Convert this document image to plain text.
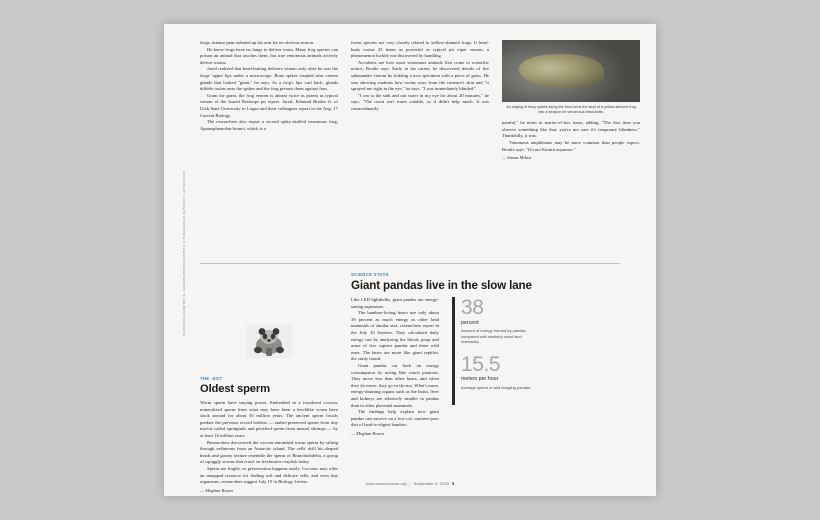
frogs, intense pain radiated up his arm for no obvious reason.

He knew frogs have no fangs to deliver toxin. Many frog species can poison an animal that touches them, but true venomous animals actively deliver toxins.

Jared realized that head-butting delivers venom only after he saw the frogs' upper lips under a microscope. Bone spikes erupted near venom glands that looked "giant," he says. As a frog's lips curl back, glands dribble toxins onto the spikes and the frog presses them against foes.

Gram for gram, the frog venom is almost twice as potent as typical venom of the feared Bothrops pit vipers. Jared, Edmund Brodie Jr. of Utah State University in Logan and their colleagues report in the Aug. 17 Current Biology.

The researchers also report a second spiky-skulled venomous frog, Aparasphenodon brunoi, which is a

forest species not very closely related to yellow-skinned frogs. It head-butts toxins 25 times as powerful as typical pit viper venom, a phenomenon luckily not discovered by handling.

Accidents are how most venomous animals first come to scientific notice, Brodie says. Early in his career, he discovered details of fire salamander venom by tickling a new specimen with a piece of grass. He was showing students how toxins ooze from the creature's skin and "it sprayed me right in the eye," he says. "I was immediately blinded."

"I ran to the sink and ran water in my eye for about 20 minutes," he says. "The toxin isn't water soluble, so it didn't help much. It was extraordinarily	An edging of bony spikes along the front turns the skull of a yellow-skinned frog into a weapon for venomous head-butts.

painful," he notes in matter-of-fact tones, adding, "The first time you observe something like that, you're not sure it's temporary blindness." Thankfully, it was.

Venomous amphibians may be more common than people expect, Brodie says. "It's not Kermit anymore."

— Susan Milius

CLOCKWISE FROM TOP: C. JARED/BUTANTAN INSTITUTE; S. BOMFLEUR ET AL/BIOLOGY LETTERS 2015
THE -EST
Oldest sperm

Worm sperm have staying power. Embedded in a fossilized cocoon, mineralized sperm from what may have been a leechlike worm have stuck around for about 50 million years. The ancient sperm fossils predate the previous record holders — amber-preserved sperm from tiny insects called springtails and petrified sperm from mussel shrimps — by at least 10 million years.

Researchers discovered the cocoon-entombed worm sperm by sifting through sediments from an Antarctic island. The cells' drill bit–shaped heads and grainy texture resemble the sperm of Branchiobdella, a group of squiggly worms that crawl on freshwater crayfish today.

Sperm are fragile, so preservation happens rarely. Cocoons may offer an untapped resource for finding soft and delicate cells, and even tiny organisms, researchers suggest July 15 in Biology Letters.

— Meghan Rosen

SCIENCE STATS
Giant pandas live in the slow lane

Like LED lightbulbs, giant pandas are energy-saving superstars.

The bamboo-loving bears use only about 38 percent as much energy as other land mammals of similar size, researchers report in the July 10 Science. They calculated daily energy use by analyzing the blood, poop and urine of five captive pandas and three wild ones. The bears are more like giant reptiles, the study found.

Giant pandas cut back on energy consumption by acting like couch potatoes. They move less than other bears, and when they do move, they go in slo-mo. What's more, energy-draining organs such as the brain, liver and kidneys are relatively smaller in pandas than in other placental mammals.

The findings help explain how giant pandas can survive on a low-cal, nutrient-poor diet of hard-to-digest bamboo.

— Meghan Rosen

38
percent
Amount of energy burned by pandas compared with similarly sized land mammals.
15.5
meters per hour
Average speed of wild foraging pandas.
www.sciencenews.org | September 5, 2015 5
